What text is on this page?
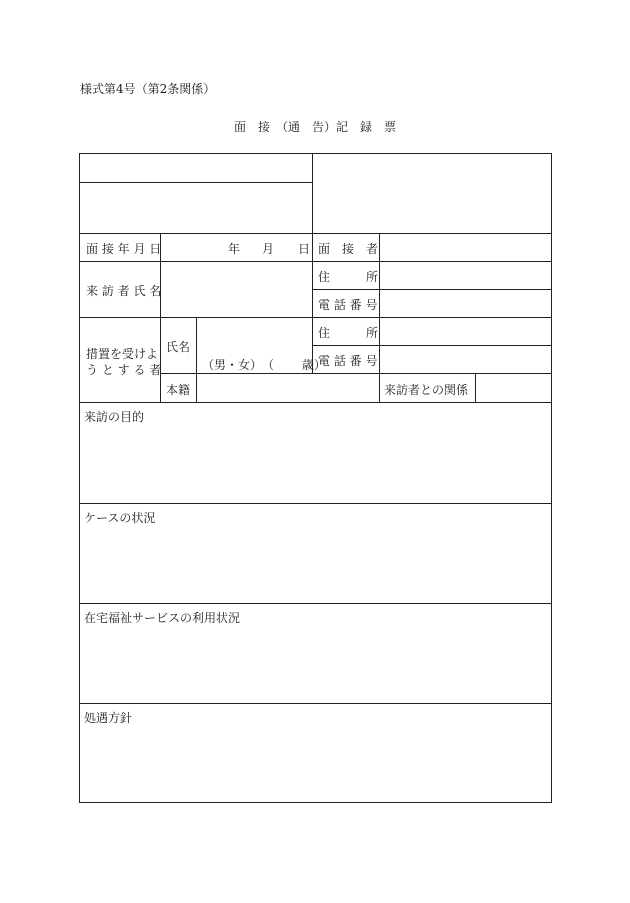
様式第4号（第2条関係）
面　接　（通　告）記　録　票
面 接 年 月 日	年 月 日 面　接　者
来 訪 者 氏 名
住　　　所
電 話 番 号
措置を受けよ
う と す る 者
氏名
（男・女）　（　　 歳）
住　　　所
電 話 番 号
本籍	来訪者との関係
来訪の目的
ケースの状況
在宅福祉サービスの利用状況
処遇方針
